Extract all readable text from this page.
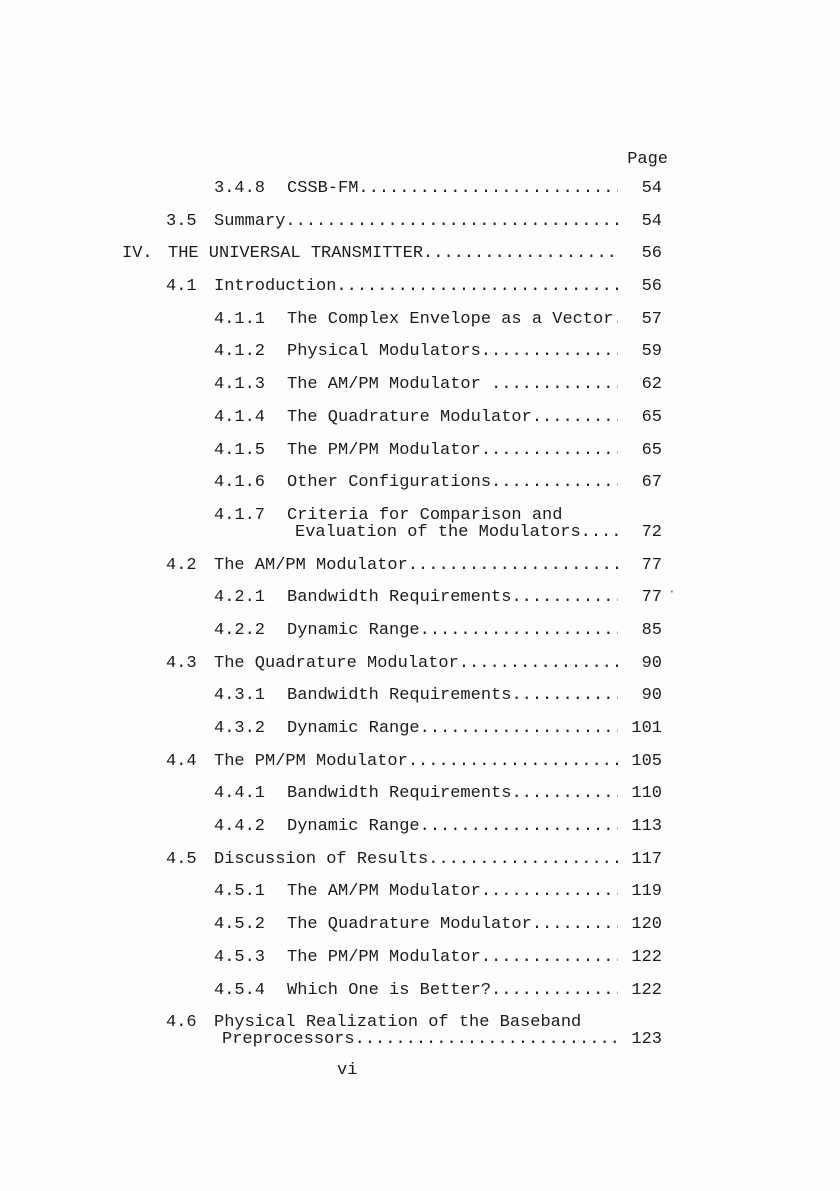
Page
3.4.8	CSSB-FM .....	54
3.5	Summary .....	54
IV. THE UNIVERSAL TRANSMITTER .....	56
4.1	Introduction .....	56
4.1.1	The Complex Envelope as a Vector .....	57
4.1.2	Physical Modulators .....	59
4.1.3	The AM/PM Modulator .....	62
4.1.4	The Quadrature Modulator .....	65
4.1.5	The PM/PM Modulator .....	65
4.1.6	Other Configurations .....	67
4.1.7	Criteria for Comparison and
Evaluation of the Modulators .....	72
4.2	The AM/PM Modulator .....	77
4.2.1	Bandwidth Requirements .....	77
4.2.2	Dynamic Range .....	85
4.3	The Quadrature Modulator .....	90
4.3.1	Bandwidth Requirements .....	90
4.3.2	Dynamic Range .....	101
4.4	The PM/PM Modulator .....	105
4.4.1	Bandwidth Requirements .....	110
4.4.2	Dynamic Range .....	113
4.5	Discussion of Results .....	117
4.5.1	The AM/PM Modulator .....	119
4.5.2	The Quadrature Modulator .....	120
4.5.3	The PM/PM Modulator .....	122
4.5.4	Which One is Better? .....	122
4.6	Physical Realization of the Baseband
Preprocessors .....	123
vi
·
